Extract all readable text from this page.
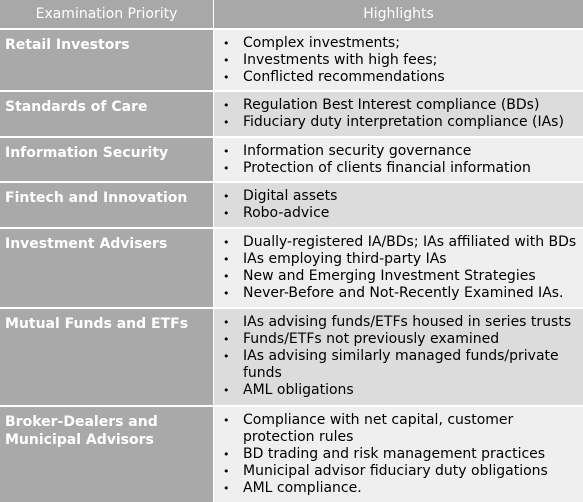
Examination Priority	Highlights
Retail Investors	• Complex investments;
• Investments with high fees;
• Conflicted recommendations
Standards of Care	• Regulation Best Interest compliance (BDs)
• Fiduciary duty interpretation compliance (IAs)
Information Security	• Information security governance
• Protection of clients financial information
Fintech and Innovation	• Digital assets
• Robo-advice
Investment Advisers	• Dually-registered IA/BDs; IAs affiliated with BDs
• IAs employing third-party IAs
• New and Emerging Investment Strategies
• Never-Before and Not-Recently Examined IAs.
Mutual Funds and ETFs	• IAs advising funds/ETFs housed in series trusts
• Funds/ETFs not previously examined
• IAs advising similarly managed funds/private funds
• AML obligations
Broker-Dealers and Municipal Advisors
• Compliance with net capital, customer protection rules
• BD trading and risk management practices
• Municipal advisor fiduciary duty obligations
• AML compliance.
